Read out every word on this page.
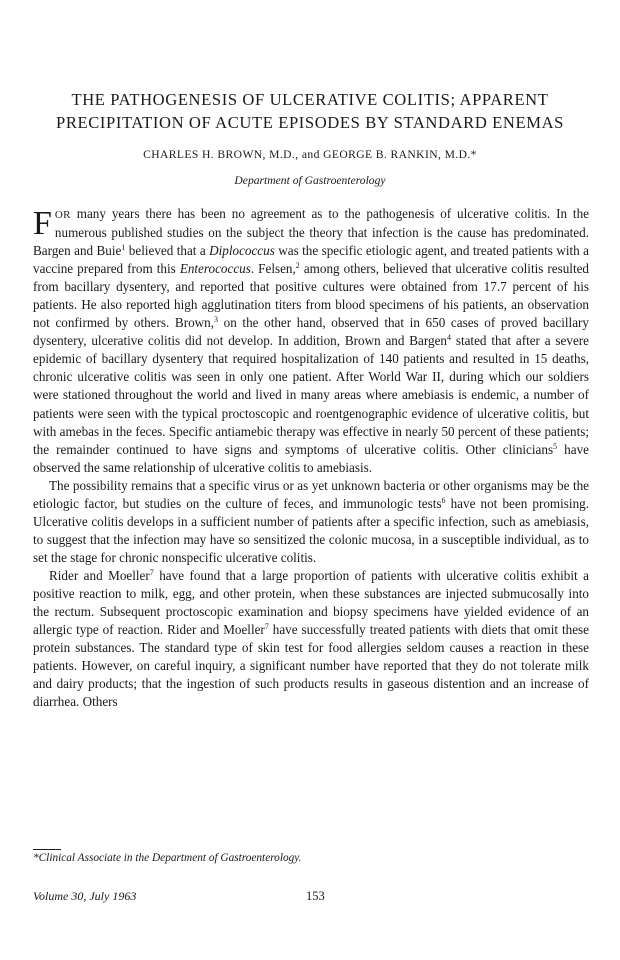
THE PATHOGENESIS OF ULCERATIVE COLITIS; APPARENT
PRECIPITATION OF ACUTE EPISODES BY STANDARD ENEMAS

CHARLES H. BROWN, M.D., and GEORGE B. RANKIN, M.D.*

Department of Gastroenterology

FOR many years there has been no agreement as to the pathogenesis of ulcerative colitis. In the numerous published studies on the subject the theory that infection is the cause has predominated. Bargen and Buie$^1$ believed that a Diplococcus was the specific etiologic agent, and treated patients with a vaccine prepared from this Enterococcus. Felsen,$^2$ among others, believed that ulcerative colitis resulted from bacillary dysentery, and reported that positive cultures were obtained from 17.7 percent of his patients. He also reported high agglutination titers from blood specimens of his patients, an observation not confirmed by others. Brown,$^3$ on the other hand, observed that in 650 cases of proved bacillary dysentery, ulcerative colitis did not develop. In addition, Brown and Bargen$^4$ stated that after a severe epidemic of bacillary dysentery that required hospitalization of 140 patients and resulted in 15 deaths, chronic ulcerative colitis was seen in only one patient. After World War II, during which our soldiers were stationed throughout the world and lived in many areas where amebiasis is endemic, a number of patients were seen with the typical proctoscopic and roentgenographic evidence of ulcerative colitis, but with amebas in the feces. Specific antiamebic therapy was effective in nearly 50 percent of these patients; the remainder continued to have signs and symptoms of ulcerative colitis. Other clinicians$^5$ have observed the same relationship of ulcerative colitis to amebiasis.

The possibility remains that a specific virus or as yet unknown bacteria or other organisms may be the etiologic factor, but studies on the culture of feces, and immunologic tests$^6$ have not been promising. Ulcerative colitis develops in a sufficient number of patients after a specific infection, such as amebiasis, to suggest that the infection may have so sensitized the colonic mucosa, in a susceptible individual, as to set the stage for chronic nonspecific ulcerative colitis.

Rider and Moeller$^7$ have found that a large proportion of patients with ulcerative colitis exhibit a positive reaction to milk, egg, and other protein, when these substances are injected submucosally into the rectum. Subsequent proctoscopic examination and biopsy specimens have yielded evidence of an allergic type of reaction. Rider and Moeller$^7$ have successfully treated patients with diets that omit these protein substances. The standard type of skin test for food allergies seldom causes a reaction in these patients. However, on careful inquiry, a significant number have reported that they do not tolerate milk and dairy products; that the ingestion of such products results in gaseous distention and an increase of diarrhea. Others

*Clinical Associate in the Department of Gastroenterology.

Volume 30, July 1963	153
